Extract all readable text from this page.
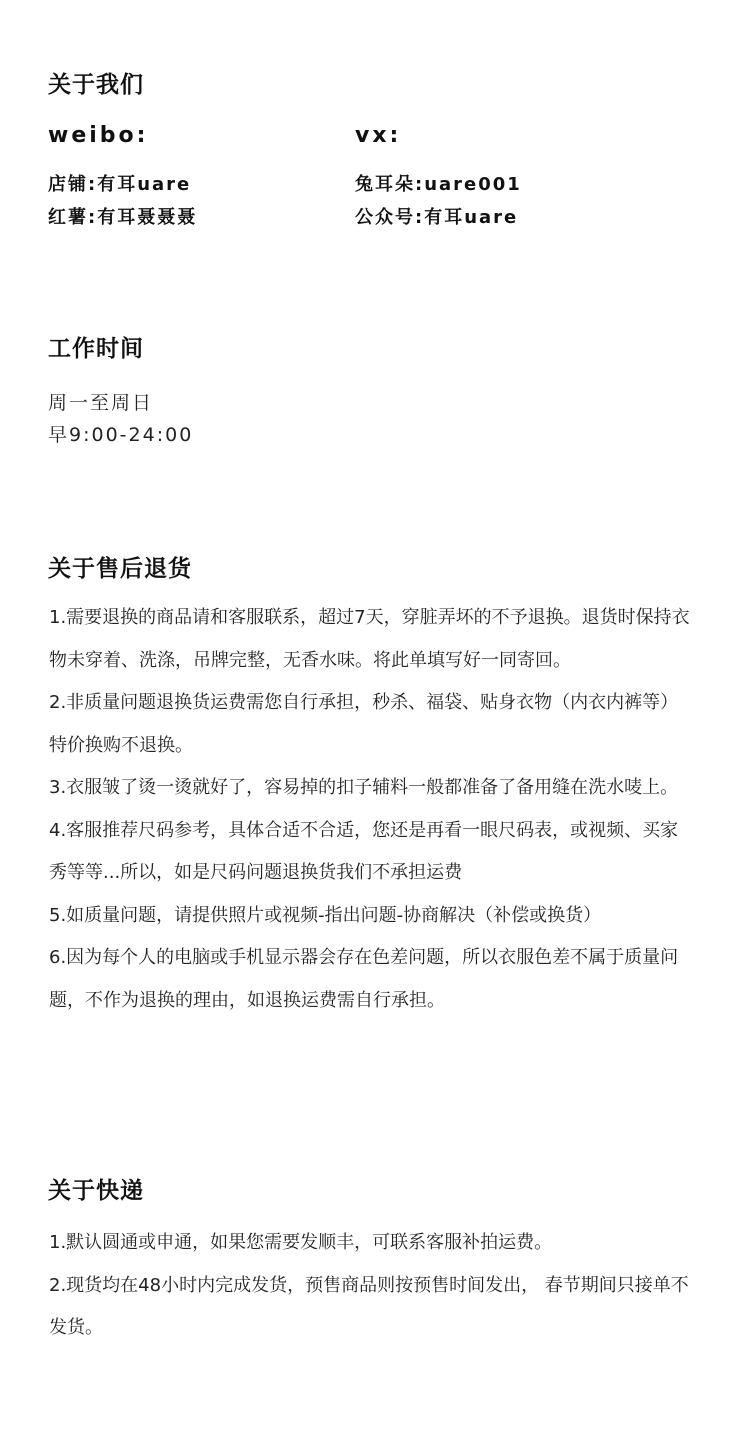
关于我们
weibo:
店铺:有耳uare
红薯:有耳聂聂聂
vx:
兔耳朵:uare001
公众号:有耳uare
工作时间
周一至周日
早9:00-24:00
关于售后退货

1.需要退换的商品请和客服联系，超过7天，穿脏弄坏的不予退换。退货时保持衣物未穿着、洗涤，吊牌完整，无香水味。将此单填写好一同寄回。

2.非质量问题退换货运费需您自行承担，秒杀、福袋、贴身衣物（内衣内裤等）特价换购不退换。

3.衣服皱了烫一烫就好了，容易掉的扣子辅料一般都准备了备用缝在洗水唛上。

4.客服推荐尺码参考，具体合适不合适，您还是再看一眼尺码表，或视频、买家秀等等...所以，如是尺码问题退换货我们不承担运费

5.如质量问题，请提供照片或视频-指出问题-协商解决（补偿或换货）

6.因为每个人的电脑或手机显示器会存在色差问题，所以衣服色差不属于质量问题，不作为退换的理由，如退换运费需自行承担。

关于快递

1.默认圆通或申通，如果您需要发顺丰，可联系客服补拍运费。

2.现货均在48小时内完成发货，预售商品则按预售时间发出， 春节期间只接单不发货。
